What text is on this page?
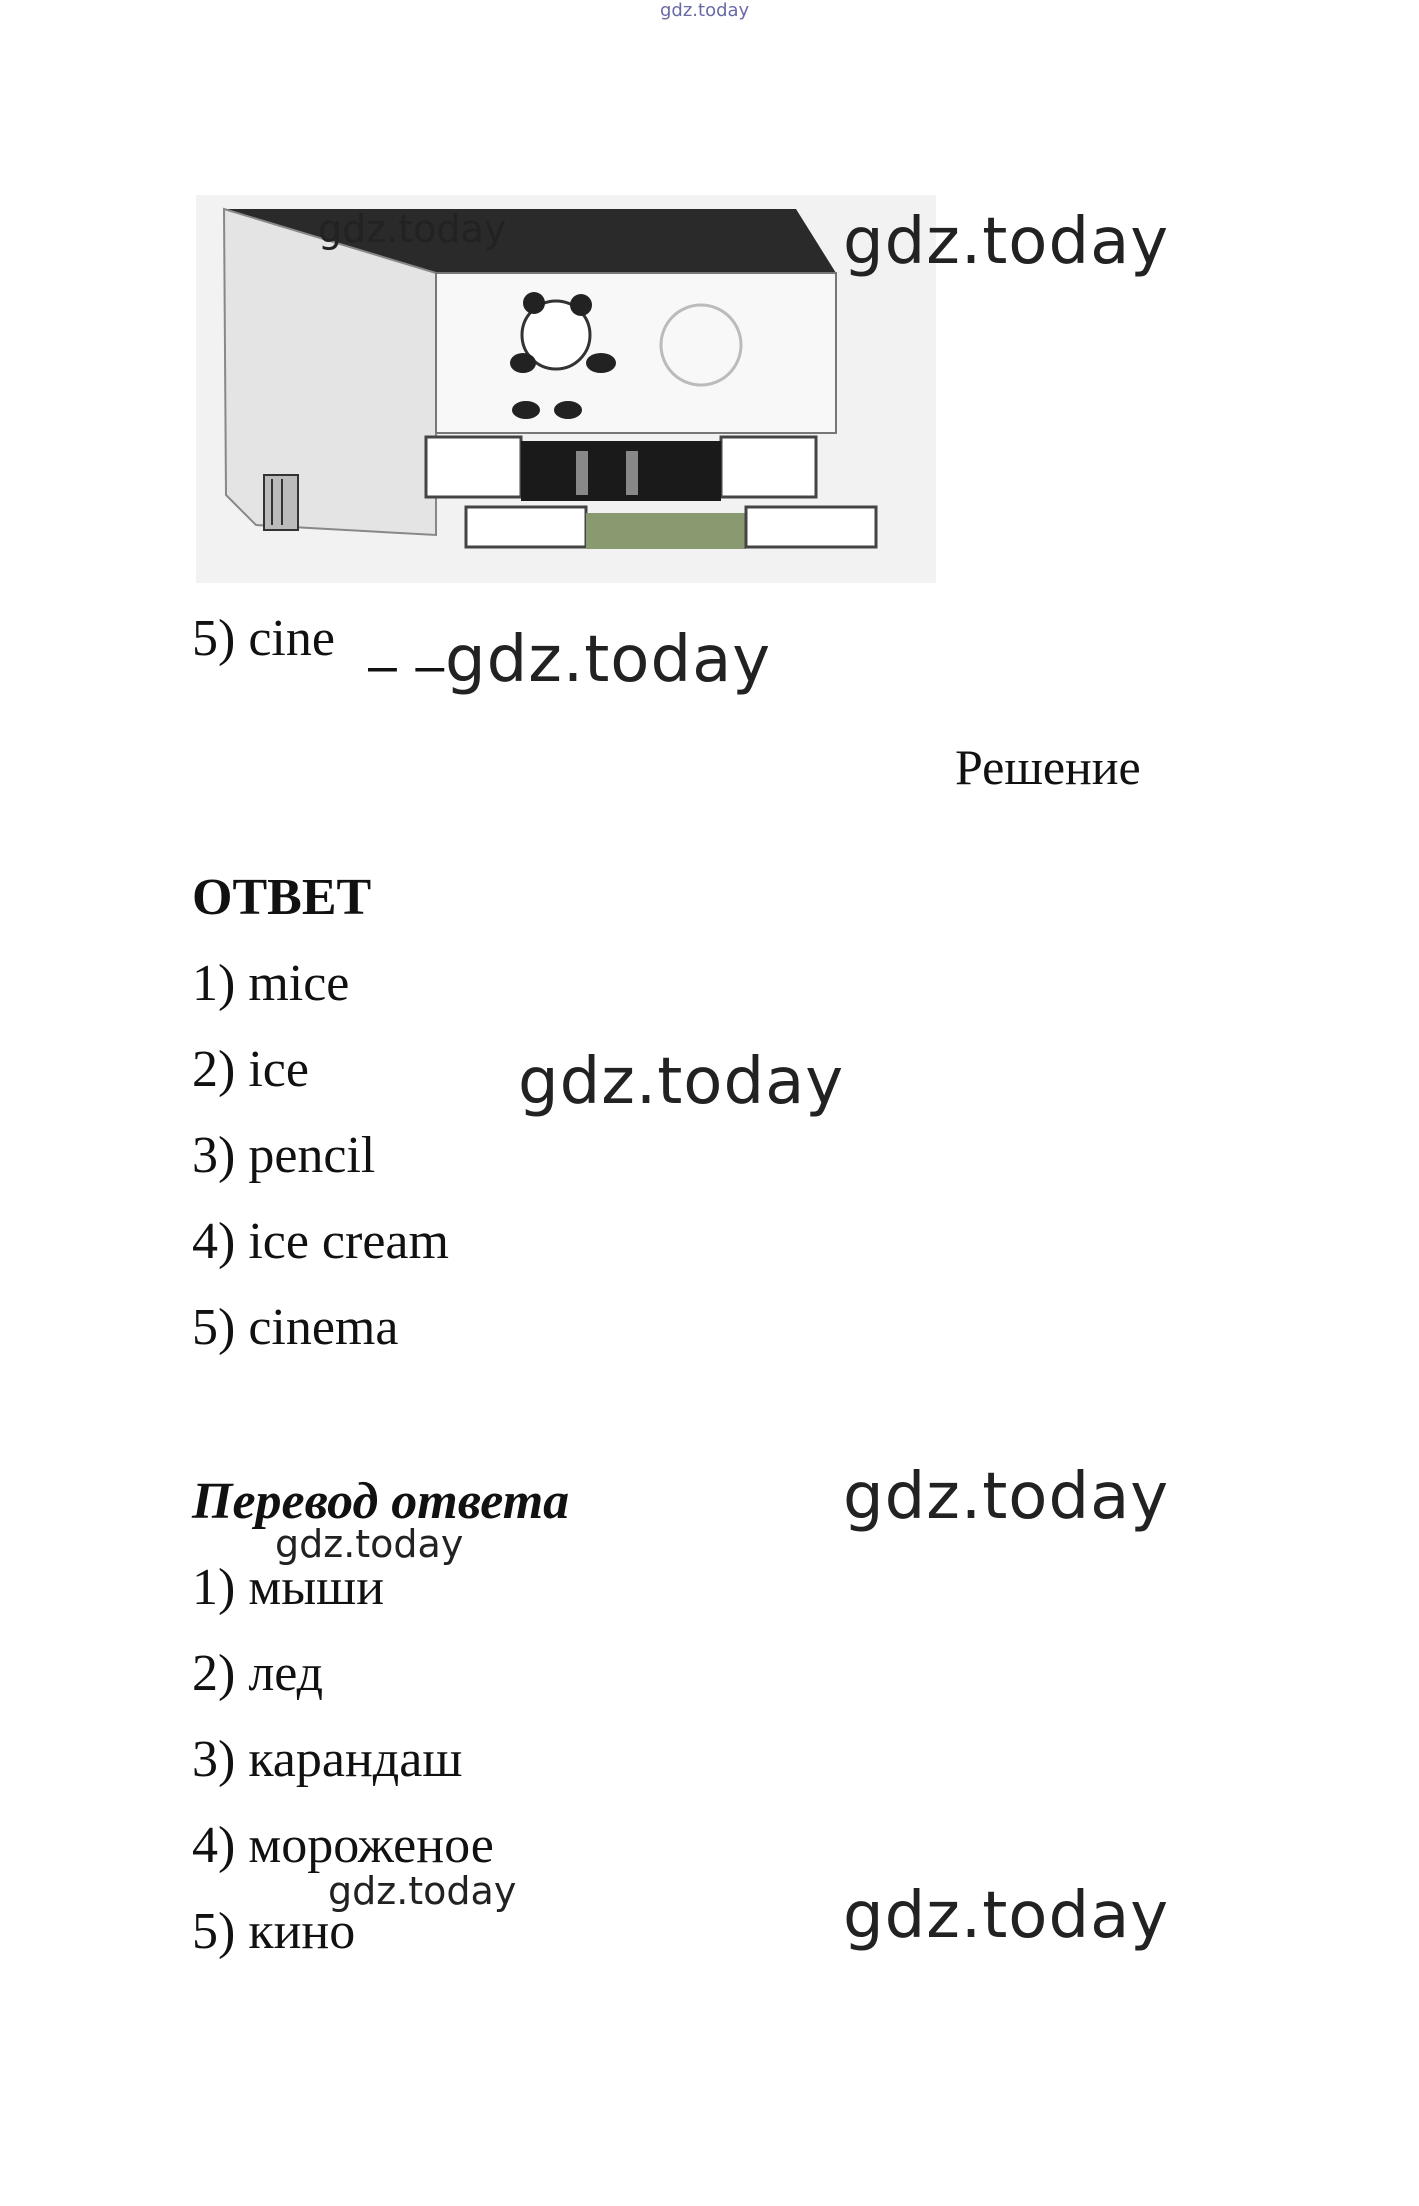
gdz.today
gdz.today	gdz.today
5) cine – –
gdz.today
Решение
ОТВЕТ
1) mice
2) ice
3) pencil
4) ice cream
5) cinema
gdz.today
Перевод ответа	gdz.today
gdz.today
1) мыши
2) лед
3) карандаш
4) мороженое
gdz.today
5) кино	gdz.today
